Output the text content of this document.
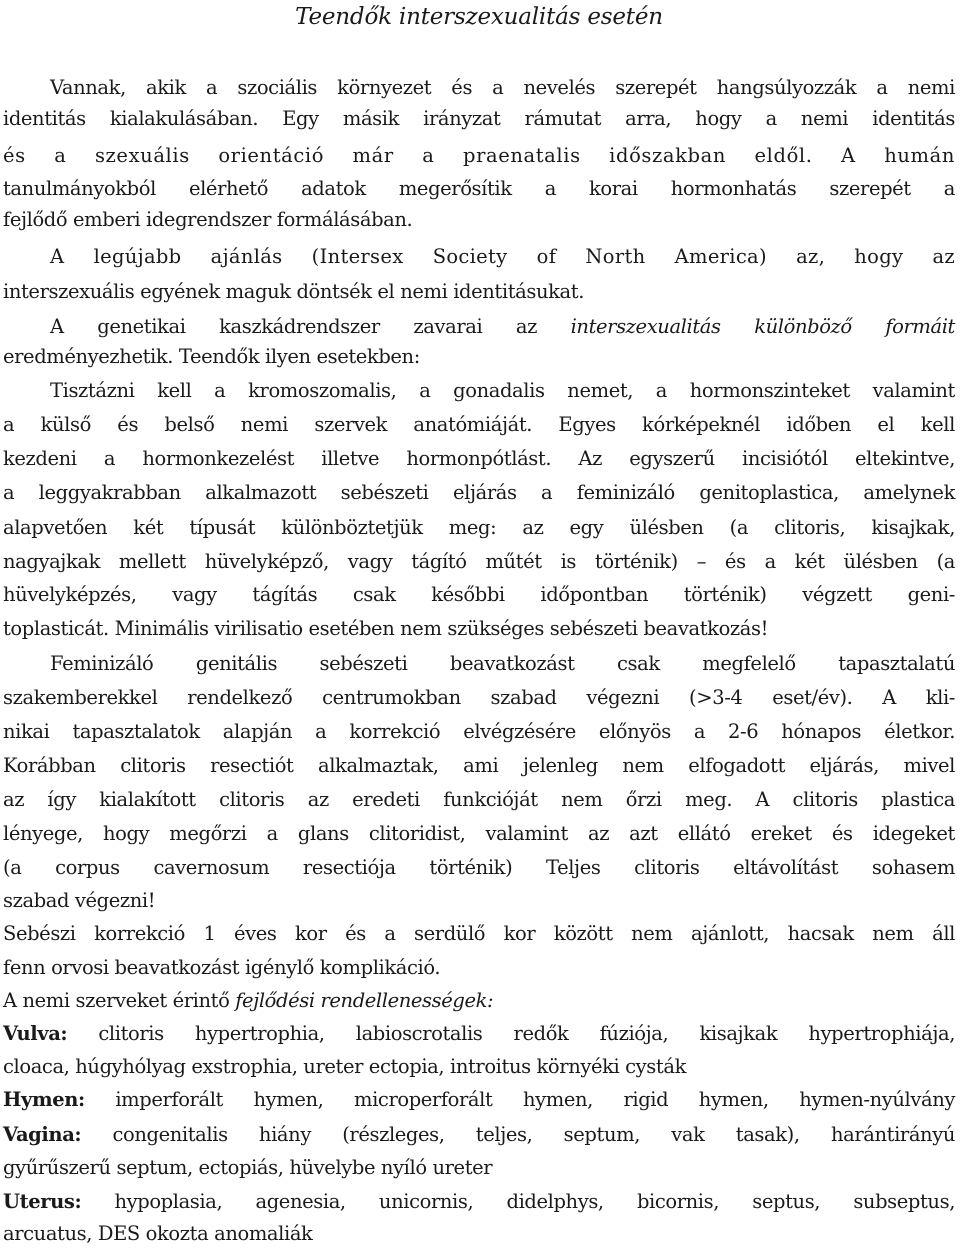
Teendők interszexualitás esetén
Vannak, akik a szociális környezet és a nevelés szerepét hangsúlyozzák a nemi
identitás kialakulásában. Egy másik irányzat rámutat arra, hogy a nemi identitás
és a szexuális orientáció már a praenatalis időszakban eldől. A humán
tanulmányokból elérhető adatok megerősítik a korai hormonhatás szerepét a
fejlődő emberi idegrendszer formálásában.
A legújabb ajánlás (Intersex Society of North America) az, hogy az
interszexuális egyének maguk döntsék el nemi identitásukat.
A genetikai kaszkádrendszer zavarai az interszexualitás különböző formáit
eredményezhetik. Teendők ilyen esetekben:
Tisztázni kell a kromoszomalis, a gonadalis nemet, a hormonszinteket valamint
a külső és belső nemi szervek anatómiáját. Egyes kórképeknél időben el kell
kezdeni a hormonkezelést illetve hormonpótlást. Az egyszerű incisiótól eltekintve,
a leggyakrabban alkalmazott sebészeti eljárás a feminizáló genitoplastica, amelynek
alapvetően két típusát különböztetjük meg: az egy ülésben (a clitoris, kisajkak,
nagyajkak mellett hüvelyképző, vagy tágító műtét is történik) – és a két ülésben (a
hüvelyképzés, vagy tágítás csak későbbi időpontban történik) végzett geni-
toplasticát. Minimális virilisatio esetében nem szükséges sebészeti beavatkozás!
Feminizáló genitális sebészeti beavatkozást csak megfelelő tapasztalatú
szakemberekkel rendelkező centrumokban szabad végezni (>3-4 eset/év). A kli-
nikai tapasztalatok alapján a korrekció elvégzésére előnyös a 2-6 hónapos életkor.
Korábban clitoris resectiót alkalmaztak, ami jelenleg nem elfogadott eljárás, mivel
az így kialakított clitoris az eredeti funkcióját nem őrzi meg. A clitoris plastica
lényege, hogy megőrzi a glans clitoridist, valamint az azt ellátó ereket és idegeket
(a corpus cavernosum resectiója történik) Teljes clitoris eltávolítást sohasem
szabad végezni!
Sebészi korrekció 1 éves kor és a serdülő kor között nem ajánlott, hacsak nem áll
fenn orvosi beavatkozást igénylő komplikáció.
A nemi szerveket érintő fejlődési rendellenességek:
Vulva: clitoris hypertrophia, labioscrotalis redők fúziója, kisajkak hypertrophiája,
cloaca, húgyhólyag exstrophia, ureter ectopia, introitus környéki cysták
Hymen: imperforált hymen, microperforált hymen, rigid hymen, hymen-nyúlvány
Vagina: congenitalis hiány (részleges, teljes, septum, vak tasak), harántirányú
gyűrűszerű septum, ectopiás, hüvelybe nyíló ureter
Uterus: hypoplasia, agenesia, unicornis, didelphys, bicornis, septus, subseptus,
arcuatus, DES okozta anomaliák
